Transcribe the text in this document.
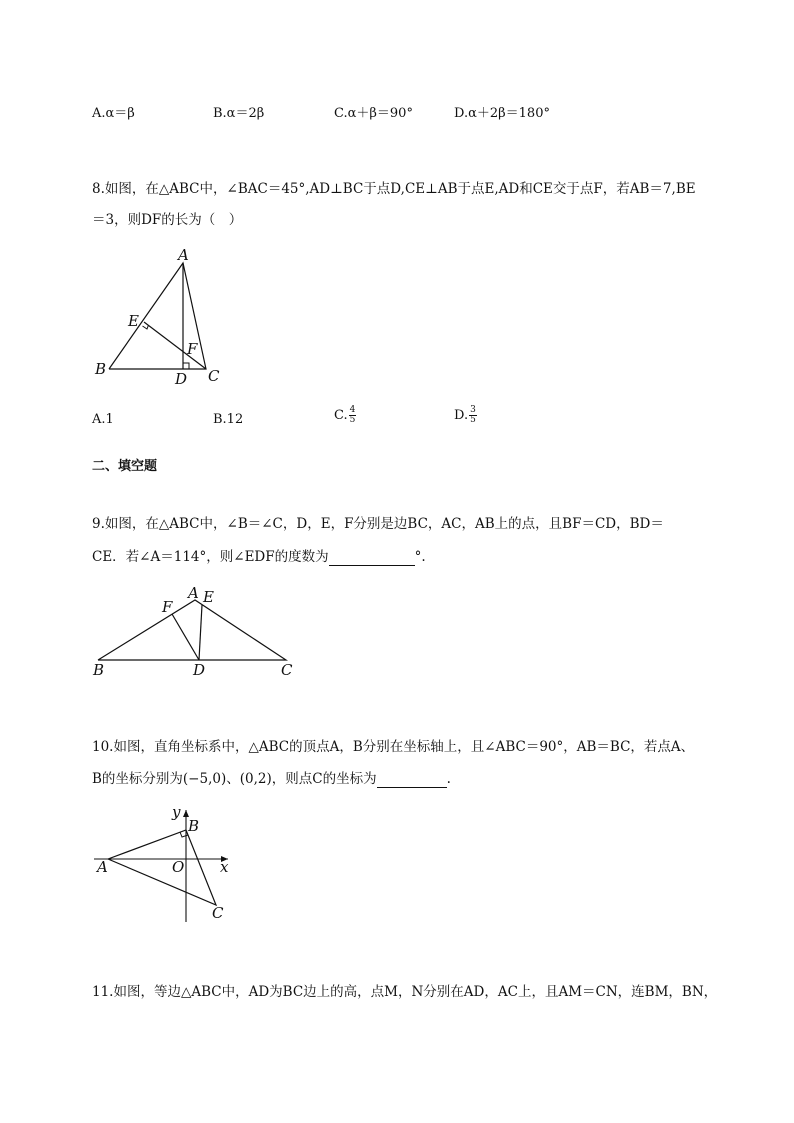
A.α＝β	B.α＝2β	C.α＋β＝90°	D.α＋2β＝180°
8.如图，在△ABC中，∠BAC＝45°,AD⊥BC于点D,CE⊥AB于点E,AD和CE交于点F，若AB＝7,BE
＝3，则DF的长为（　）
A
B	C
D
E
F
A.1	B.12	C. $\frac{4}{5}$	D. $\frac{3}{5}$
二、填空题
9.如图，在△ABC中，∠B＝∠C，D，E，F分别是边BC，AC，AB上的点，且BF＝CD，BD＝
CE．若∠A＝114°，则∠EDF的度数为	°.
A
B	C
D
E
F
10.如图，直角坐标系中，△ABC的顶点A，B分别在坐标轴上，且∠ABC＝90°，AB＝BC，若点A、
B的坐标分别为(−5,0)、(0,2)，则点C的坐标为	.
A
B
C
O x
y
11.如图，等边△ABC中，AD为BC边上的高，点M，N分别在AD，AC上，且AM＝CN，连BM，BN，
